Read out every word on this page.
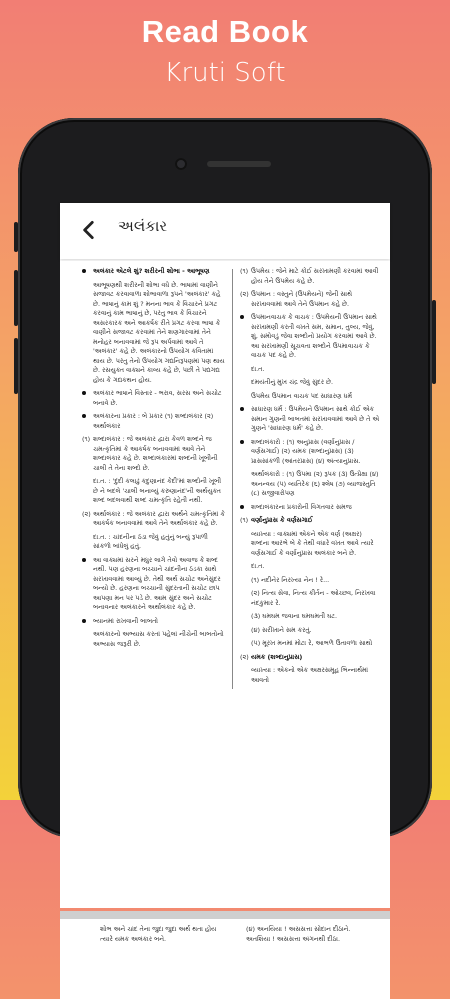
Read Book
Kruti Soft
અલંકાર
અલંકાર એટલે શું? શરીરની શોભા - આભૂષણ
આભૂષણથી શરીરની શોભા વધે છે. ભાષામાં વાણીને સજાવટ કરવાવાળા શોભાવાળા રૂપને 'અલંકાર' કહે છે. ભાષાનું કામ શું ? મનના ભાવ કે વિચારને પ્રગટ કરવાનું કામ ભાષાનું છે, પરંતુ ભાવ કે વિચારને અસરકારક અને આકર્ષક રીતે પ્રગટ કરવા ભાષા કે વાણીને સજાવટ કરવામાં તેને શણગારવામાં તેને મનોહર બનાવવામાં જે રૂપ અર્પવામાં આવે તે 'અલંકાર' કહે છે. અલંકારનો ઉપયોગ કવિતામાં થાય છે. પરંતુ તેનો ઉપયોગ ગદ્યનિરૂપણમાં પણ થાય છે. રસયુક્ત વાક્યને કાવ્ય કહે છે, પછી તે પદ્યગદ્ય હોય કે ગદ્યકથન હોય.
અલંકાર ભાષાને વિસ્તાર - ભરાવ, સરસ અને સચોટ બનાવે છે.
અલંકારના પ્રકાર : બે પ્રકાર (૧) શબ્દાલંકાર (૨) અર્થાલંકાર
(૧) શબ્દાલંકાર : જે અલંકાર દ્વારા કેવળ શબ્દને જ ચમત્કૃતિમાં કે આકર્ષક બનાવવામાં આવે તેને શબ્દાલંકાર કહે છે. શબ્દાલંકારમાં શબ્દની ખૂબીની ચાલી તે તેના શબ્દો છે.
દા.ત. : 'દુંદી કલાઢું કદુણાનંદ કેદી'માં શબ્દોની ખૂબી છે ને બદલે 'ચાલી બનાવ્યું કરુણાનંદ'ની અર્થયુક્ત શબ્દ બદલવાથી શબ્દ ચમત્કૃતિ રહેતી નથી.
(૨) અર્થાલંકાર : જે અલંકાર દ્વારા અર્થને ચમત્કૃતિમાં કે આકર્ષક બનાવવામાં આવે તેને અર્થાલંકાર કહે છે.
દા.ત. : ચાંદનીના ઠંડા જેવું હતુંનું બન્યું રૂપાળી સાંકળો બાંધેલું હતું.
આ વાક્યમાં સરને મધુર લાગે તેવો અવાજ કે શબ્દ નથી. પણ હરણના બચ્ચાને ચાંદનીના ઠંડકા સાથે સરખાવવામાં આવ્યું છે. તેથી અર્થ સચોટ અનેસુંદર બન્યો છે. હરણના બચ્ચાની સુંદરતાની સચોટ છાપ આપણા મન પર પડે છે. આમ સુંદર અને સચોટ બનાવનાર અલંકારને અર્થાલંકાર કહે છે.
બ્યાનમાં રાખવાની બાબતો
અલંકારનો અભ્યાસ કરતાં પહેલાં નીચેની બાબતોનો અભ્યાસ જરૂરી છે.
(૧) ઉપમેય : જેને માટે કોઈ સરખામણી કરવામાં આવી હોય તેને ઉપમેય કહે છે.
(૨) ઉપમાન : વસ્તુને (ઉપમેયને) જેની સાથે સરખાવવામાં આવે તેને ઉપમાન કહે છે.
ઉપમાનવાચક કે વાચક : ઉપમેયની ઉપમાન સાથે સરખામણી કરતી વખતે સમ, સમાન, તુલ્ય, જેવું, શું, સમોવડું જેવા શબ્દોનો પ્રયોગ કરવામાં આવે છે. આ સરખામણી સૂચવતા શબ્દોને ઉપમાવાચક કે વાચક પદ કહે છે.
દા.ત.
દમયંતીનું મુખ ચંદ્ર જેવું સુંદર છે.
ઉપમેય ઉપમાન વાચક પદ સાધારણ ધર્મ
સાધારણ ધર્મ : ઉપમેયને ઉપમાન સાથે કોઈ એક સમાન ગુણની બાબતમાં સરખાવવામાં આવે છે તે એ ગુણને 'સાધારણ ધર્મ' કહે છે.
શબ્દાલંકારો : (૧) અનુપ્રાસ (વર્ણાનુપ્રાસ / વર્ણસગાઈ) (૨) યમક (શબ્દાનુપ્રાસ) (૩) પ્રાસસાંકળી (આંતરપ્રાસ) (૪) અંત્યાનુપ્રાસ.
અર્થાલંકારો : (૧) ઉપમા (૨) રૂપક (૩) ઉત્પ્રેક્ષા (૪) અનન્વય (૫) વ્યતિરેક (૬) શ્લેષ (૭) વ્યાજસ્તુતિ (૮) સજીવારોપણ
શબ્દાલંકારના પ્રકારોની વિગતવાર સમજ
(૧) વર્ણાનુપ્રાસ કે વર્ણસગાઈ
વ્યાખ્યા : વાક્યમાં એકને એક વર્ણ (અક્ષર) શબ્દના આરંભે બે કે તેથી વધારે વખત આવે ત્યારે વર્ણસગાઈ કે વર્ણાનુપ્રાસ અલંકાર બને છે.
દા.ત.
(૧) નદીનેર નિરખ્યા નેન ! રે...
(૨) નિત્ય સેવા, નિત્ય કીર્તન - ઓચ્છવ, નિરખવા નંદકુમાર રે.
(૩) ઘમઘમ જવાના ઘમઘમતી ઘટ.
(૪) સરીખાને સમ કરતું.
(૫) મૂરખ મનમાં મોટા રે, આભળે ઉતાવળા સાથો
(૨) યમક (શબ્દાનુપ્રાસ)
વ્યાખ્યા : એકનો એક અક્ષરસમૂહ ભિન્નાર્થમાં આવતો
શોભ અને ચાંદ તેના જુદા જુદા અર્થ થતા હોય ત્યારે યમક અલંકાર બને.
(૪) અનયિયા ! અસસત્તા સોદાન દીઠાને. અતશિયા ! અસસત્તા અંગનથી દીઠા.
